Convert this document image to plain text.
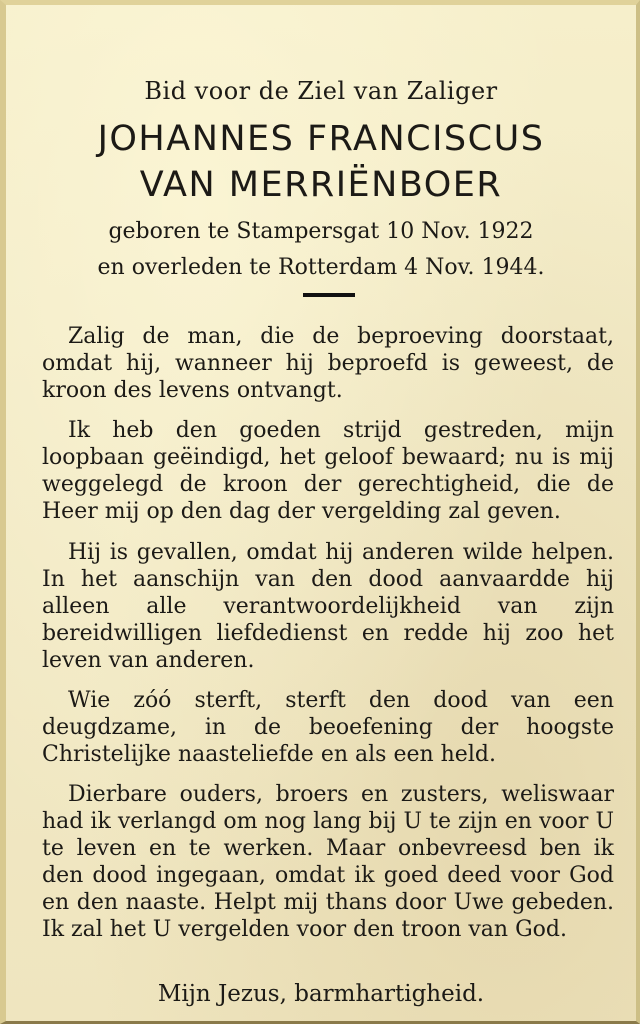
Bid voor de Ziel van Zaliger
JOHANNES FRANCISCUS
VAN MERRIËNBOER
geboren te Stampersgat 10 Nov. 1922
en overleden te Rotterdam 4 Nov. 1944.

Zalig de man, die de beproeving doorstaat, omdat hij, wanneer hij beproefd is geweest, de kroon des levens ontvangt.

Ik heb den goeden strijd gestreden, mijn loopbaan geëindigd, het geloof bewaard; nu is mij weggelegd de kroon der gerechtigheid, die de Heer mij op den dag der vergelding zal geven.

Hij is gevallen, omdat hij anderen wilde helpen. In het aanschijn van den dood aanvaardde hij alleen alle verantwoordelijkheid van zijn bereidwilligen liefdedienst en redde hij zoo het leven van anderen.

Wie zóó sterft, sterft den dood van een deugdzame, in de beoefening der hoogste Christelijke naasteliefde en als een held.

Dierbare ouders, broers en zusters, weliswaar had ik verlangd om nog lang bij U te zijn en voor U te leven en te werken. Maar onbevreesd ben ik den dood ingegaan, omdat ik goed deed voor God en den naaste. Helpt mij thans door Uwe gebeden. Ik zal het U vergelden voor den troon van God.

Mijn Jezus, barmhartigheid.
